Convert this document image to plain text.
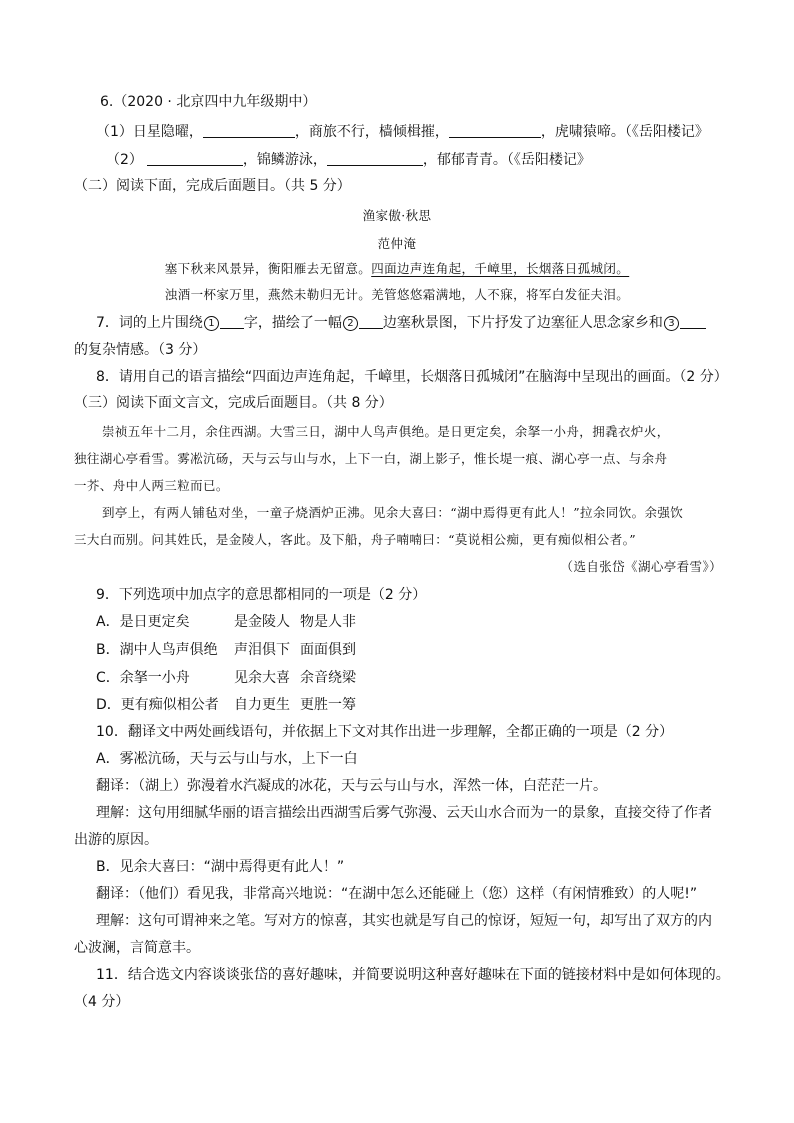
6.（2020 · 北京四中九年级期中）
（1）日星隐曜，	，商旅不行，樯倾楫摧，	，虎啸猿啼。（《岳阳楼记》
（2）	，锦鳞游泳，	，郁郁青青。（《岳阳楼记》
（二）阅读下面，完成后面题目。（共 5 分）
渔家傲·秋思
范仲淹
塞下秋来风景异，衡阳雁去无留意。四面边声连角起，千嶂里，长烟落日孤城闭。
浊酒一杯家万里，燕然未勒归无计。羌管悠悠霜满地，人不寐，将军白发征夫泪。
7．词的上片围绕 1 字，描绘了一幅 2 边塞秋景图，下片抒发了边塞征人思念家乡和 3
的复杂情感。（3 分）
8．请用自己的语言描绘“四面边声连角起，千嶂里，长烟落日孤城闭”在脑海中呈现出的画面。（2 分）
（三）阅读下面文言文，完成后面题目。（共 8 分）
崇祯五年十二月，余住西湖。大雪三日，湖中人鸟声俱绝。是日更定矣，余拏一小舟，拥毳衣炉火，
独往湖心亭看雪。雾凇沆砀，天与云与山与水，上下一白，湖上影子，惟长堤一痕、湖心亭一点、与余舟
一芥、舟中人两三粒而已。
到亭上，有两人铺毡对坐，一童子烧酒炉正沸。见余大喜曰：“湖中焉得更有此人！”拉余同饮。余强饮
三大白而别。问其姓氏，是金陵人，客此。及下船，舟子喃喃曰：“莫说相公痴，更有痴似相公者。”
（选自张岱《湖心亭看雪》）
9．下列选项中加点字的意思都相同的一项是（2 分）
A．是日更定矣	是金陵人 物是人非
B．湖中人鸟声俱绝 声泪俱下 面面俱到
C．余拏一小舟	见余大喜 余音绕梁
D．更有痴似相公者 自力更生 更胜一筹
10．翻译文中两处画线语句，并依据上下文对其作出进一步理解，全都正确的一项是（2 分）
A．雾凇沆砀，天与云与山与水，上下一白
翻译：（湖上）弥漫着水汽凝成的冰花，天与云与山与水，浑然一体，白茫茫一片。
理解：这句用细腻华丽的语言描绘出西湖雪后雾气弥漫、云天山水合而为一的景象，直接交待了作者
出游的原因。
B．见余大喜曰：“湖中焉得更有此人！”
翻译：（他们）看见我，非常高兴地说：“在湖中怎么还能碰上（您）这样（有闲情雅致）的人呢!”
理解：这句可谓神来之笔。写对方的惊喜，其实也就是写自己的惊讶，短短一句，却写出了双方的内
心波澜，言简意丰。
11．结合选文内容谈谈张岱的喜好趣味，并简要说明这种喜好趣味在下面的链接材料中是如何体现的。
（4 分）
